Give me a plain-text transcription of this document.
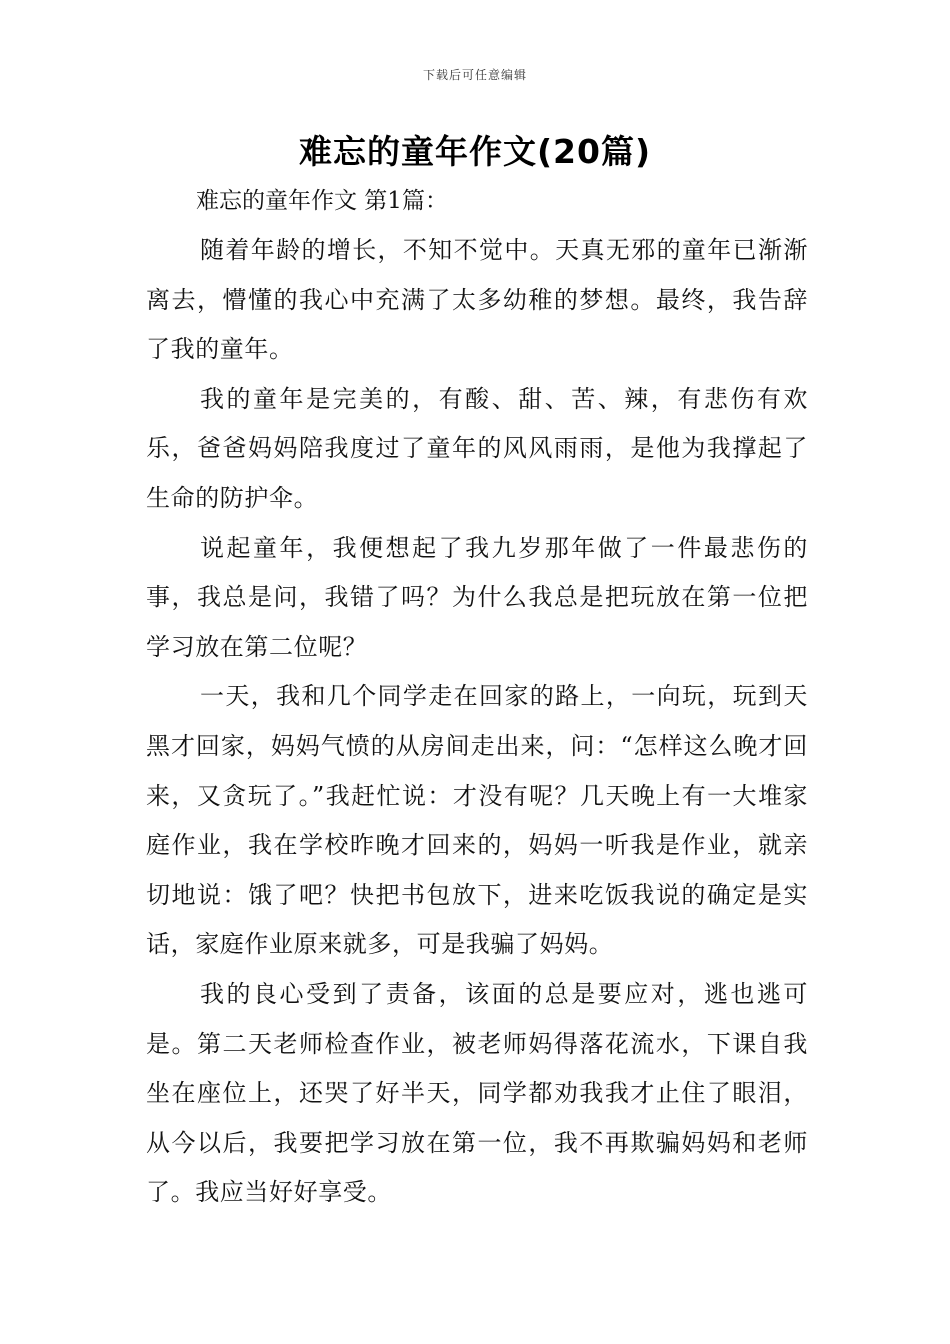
下载后可任意编辑
难忘的童年作文(20篇)
难忘的童年作文 第1篇：

随着年龄的增长，不知不觉中。天真无邪的童年已渐渐离去，懵懂的我心中充满了太多幼稚的梦想。最终，我告辞了我的童年。

我的童年是完美的，有酸、甜、苦、辣，有悲伤有欢乐，爸爸妈妈陪我度过了童年的风风雨雨，是他为我撑起了生命的防护伞。

说起童年，我便想起了我九岁那年做了一件最悲伤的事，我总是问，我错了吗？为什么我总是把玩放在第一位把学习放在第二位呢？

一天，我和几个同学走在回家的路上，一向玩，玩到天黑才回家，妈妈气愤的从房间走出来，问：“怎样这么晚才回来，又贪玩了。”我赶忙说：才没有呢？几天晚上有一大堆家庭作业，我在学校昨晚才回来的，妈妈一听我是作业，就亲切地说：饿了吧？快把书包放下，进来吃饭我说的确定是实话，家庭作业原来就多，可是我骗了妈妈。

我的良心受到了责备，该面的总是要应对，逃也逃可是。第二天老师检查作业，被老师妈得落花流水，下课自我坐在座位上，还哭了好半天，同学都劝我我才止住了眼泪，从今以后，我要把学习放在第一位，我不再欺骗妈妈和老师了。我应当好好享受。
